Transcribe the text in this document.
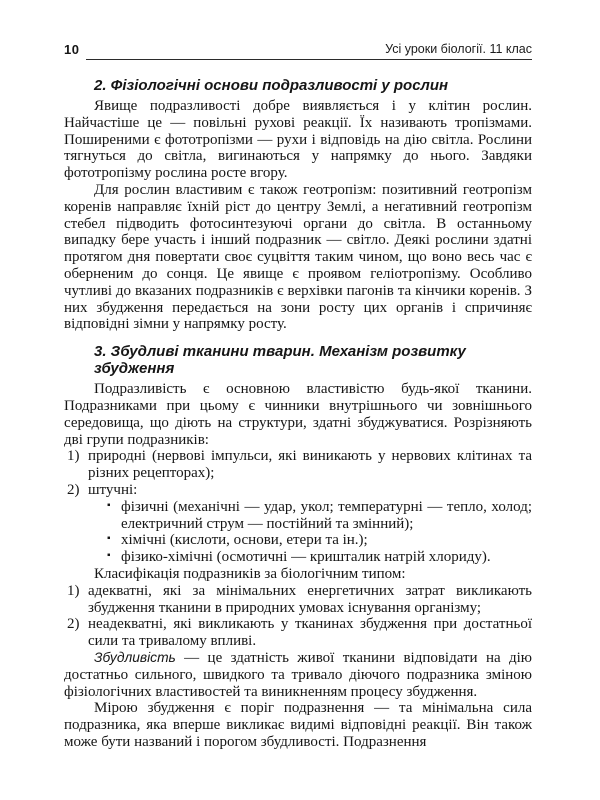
10	Усі уроки біології. 11 клас
2. Фізіологічні основи подразливості у рослин

Явище подразливості добре виявляється і у клітин рослин. Найчастіше це — повільні рухові реакції. Їх називають тропізмами. Поширеними є фототропізми — рухи і відповідь на дію світла. Рослини тягнуться до світла, вигинаються у напрямку до нього. Завдяки фототропізму рослина росте вгору.

Для рослин властивим є також геотропізм: позитивний геотропізм коренів направляє їхній ріст до центру Землі, а негативний геотропізм стебел підводить фотосинтезуючі органи до світла. В останньому випадку бере участь і інший подразник — світло. Деякі рослини здатні протягом дня повертати своє суцвіття таким чином, що воно весь час є оберненим до сонця. Це явище є проявом геліотропізму. Особливо чутливі до вказаних подразників є верхівки пагонів та кінчики коренів. З них збудження передається на зони росту цих органів і спричиняє відповідні зімни у напрямку росту.

3. Збудливі тканини тварин. Механізм розвитку збудження

Подразливість є основною властивістю будь-якої тканини. Подразниками при цьому є чинники внутрішнього чи зовнішнього середовища, що діють на структури, здатні збуджуватися. Розрізняють дві групи подразників:

1) природні (нервові імпульси, які виникають у нервових клітинах та різних рецепторах);
2) штучні:
▪ фізичні (механічні — удар, укол; температурні — тепло, холод; електричний струм — постійний та змінний);
▪ хімічні (кислоти, основи, етери та ін.);
▪ фізико-хімічні (осмотичні — кришталик натрій хлориду).

Класифікація подразників за біологічним типом:

1) адекватні, які за мінімальних енергетичних затрат викликають збудження тканини в природних умовах існування організму;
2) неадекватні, які викликають у тканинах збудження при достатньої сили та тривалому впливі.

Збудливість — це здатність живої тканини відповідати на дію достатньо сильного, швидкого та тривало діючого подразника зміною фізіологічних властивостей та виникненням процесу збудження.

Мірою збудження є поріг подразнення — та мінімальна сила подразника, яка вперше викликає видимі відповідні реакції. Він також може бути названий і порогом збудливості. Подразнення
